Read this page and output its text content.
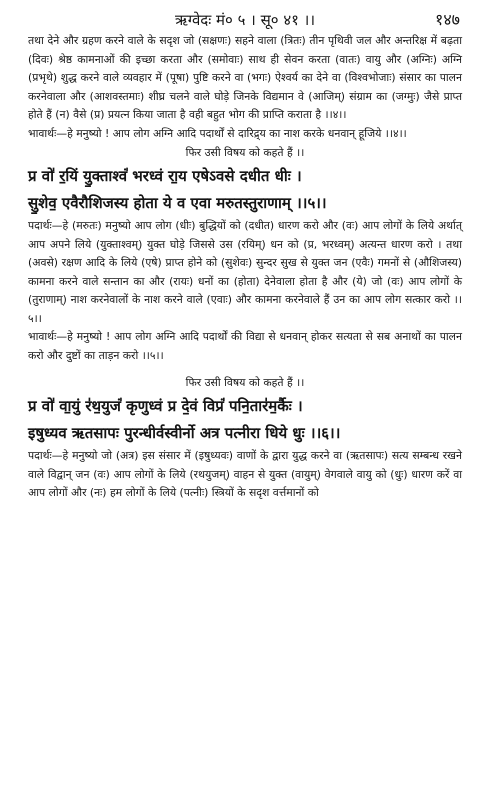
ऋग्वेदः मं० ५ । सू० ४१ ।।	१४७

तथा देने और ग्रहण करने वाले के सदृश जो (सक्षणः) सहने वाला (त्रितः) तीन पृथिवी जल और अन्तरिक्ष में बढ़ता (दिवः) श्रेष्ठ कामनाओं की इच्छा करता और (समोवाः) साथ ही सेवन करता (वातः) वायु और (अग्निः) अग्नि (प्रभृथे) शुद्ध करने वाले व्यवहार में (पूषा) पुष्टि करने वा (भगः) ऐश्वर्य का देने वा (विश्वभोजाः) संसार का पालन करनेवाला और (आशवस्तमाः) शीघ्र चलने वाले घोड़े जिनके विद्यमान वे (आजिम्) संग्राम का (जग्मुः) जैसे प्राप्त होते हैं (न) वैसे (प्र) प्रयत्न किया जाता है वही बहुत भोग की प्राप्ति कराता है ।।४।।

भावार्थः—हे मनुष्यो ! आप लोग अग्नि आदि पदार्थों से दारिद्र्य का नाश करके धनवान् हूजिये ।।४।।

फिर उसी विषय को कहते हैं ।।

प्र वो॑ र॒यिं यु॒क्ताश्वं॑ भरध्वं रा॒य एषेऽवसे दधीत धीः ।

सु॒शेव॒ एवैरौशिजस्य होता ये व एवा मरुतस्तुराणाम् ।।५।।

पदार्थः—हे (मरुतः) मनुष्यो आप लोग (धीः) बुद्धियों को (दधीत) धारण करो और (वः) आप लोगों के लिये अर्थात् आप अपने लिये (युक्ताश्वम्) युक्त घोड़े जिससे उस (रयिम्) धन को (प्र, भरध्वम्) अत्यन्त धारण करो । तथा (अवसे) रक्षण आदि के लिये (एषे) प्राप्त होने को (सुशेवः) सुन्दर सुख से युक्त जन (एवैः) गमनों से (औशिजस्य) कामना करने वाले सन्तान का और (रायः) धनों का (होता) देनेवाला होता है और (ये) जो (वः) आप लोगों के (तुराणाम्) नाश करनेवालों के नाश करने वाले (एवाः) और कामना करनेवाले हैं उन का आप लोग सत्कार करो ।।५।।

भावार्थः—हे मनुष्यो ! आप लोग अग्नि आदि पदार्थों की विद्या से धनवान् होकर सत्यता से सब अनाथों का पालन करो और दुष्टों का ताड़न करो ।।५।।

फिर उसी विषय को कहते हैं ।।

प्र वो॑ वा॒युं र॑थ॒युजं॑ कृणुध्वं प्र दे॒वं विप्रं॑ पनि॒तार॑म॒र्कैः ।

इषुध्यव ऋतसापः पुरन्धीर्वस्वीर्नो अत्र पत्नीरा धिये धुः ।।६।।

पदार्थः—हे मनुष्यो जो (अत्र) इस संसार में (इषुध्यवः) वाणों के द्वारा युद्ध करने वा (ऋतसापः) सत्य सम्बन्ध रखने वाले विद्वान् जन (वः) आप लोगों के लिये (रथयुजम्) वाहन से युक्त (वायुम्) वेगवाले वायु को (धुः) धारण करें वा आप लोगों और (नः) हम लोगों के लिये (पत्नीः) स्त्रियों के सदृश वर्त्तमानों को
